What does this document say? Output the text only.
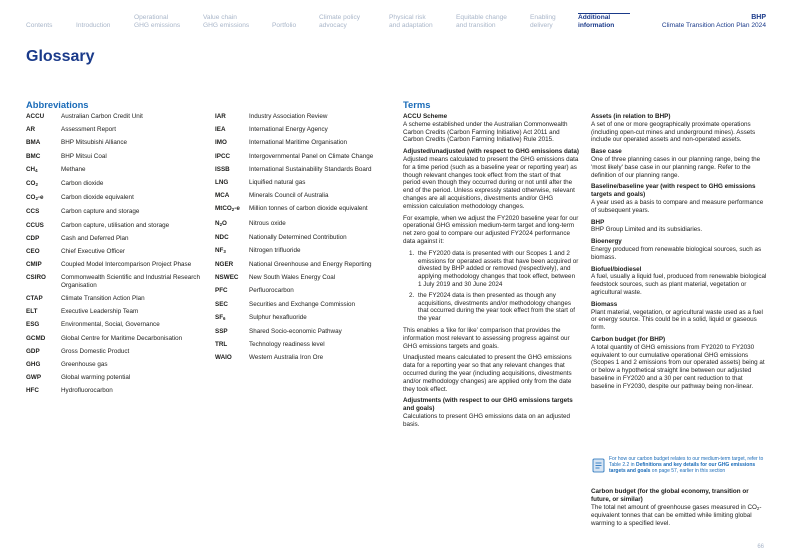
Contents	Introduction
Operational
GHG emissions
Value chain
GHG emissions	Portfolio
Climate policy
advocacy
Physical risk
and adaptation
Equitable change
and transition
Enabling
delivery
Additional
information
BHP
Climate Transition Action Plan 2024
Glossary
Abbreviations	Terms
ACCU	Australian Carbon Credit Unit
AR	Assessment Report
BMA	BHP Mitsubishi Alliance
BMC	BHP Mitsui Coal
$CH_4$	Methane
$CO_2$	Carbon dioxide
$CO_2-e$	Carbon dioxide equivalent
CCS	Carbon capture and storage
CCUS	Carbon capture, utilisation and storage
CDP	Cash and Deferred Plan
CEO	Chief Executive Officer
CMIP	Coupled Model Intercomparison Project Phase
CSIRO	Commonwealth Scientific and Industrial Research Organisation
CTAP	Climate Transition Action Plan
ELT	Executive Leadership Team
ESG	Environmental, Social, Governance
GCMD	Global Centre for Maritime Decarbonisation
GDP	Gross Domestic Product
GHG	Greenhouse gas
GWP	Global warming potential
HFC	Hydrofluorocarbon
IAR	Industry Association Review
IEA	International Energy Agency
IMO	International Maritime Organisation
IPCC	Intergovernmental Panel on Climate Change
ISSB	International Sustainability Standards Board
LNG	Liquified natural gas
MCA	Minerals Council of Australia
MtCO$_2$-e	Million tonnes of carbon dioxide equivalent
$N_2O$	Nitrous oxide
NDC	Nationally Determined Contribution
$NF_3$	Nitrogen trifluoride
NGER	National Greenhouse and Energy Reporting
NSWEC	New South Wales Energy Coal
PFC	Perfluorocarbon
SEC	Securities and Exchange Commission
$SF_6$	Sulphur hexafluoride
SSP	Shared Socio-economic Pathway
TRL	Technology readiness level
WAIO	Western Australia Iron Ore
ACCU Scheme
A scheme established under the Australian Commonwealth Carbon Credits (Carbon Farming Initiative) Act 2011 and Carbon Credits (Carbon Farming Initiative) Rule 2015.
Adjusted/unadjusted (with respect to GHG emissions data)
Adjusted means calculated to present the GHG emissions data for a time period (such as a baseline year or reporting year) as though relevant changes took effect from the start of that period even though they occurred during or not until after the end of the period. Unless expressly stated otherwise, relevant changes are all acquisitions, divestments and/or GHG emission calculation methodology changes.
For example, when we adjust the FY2020 baseline year for our operational GHG emission medium-term target and long-term net zero goal to compare our adjusted FY2024 performance data against it:
1. the FY2020 data is presented with our Scopes 1 and 2 emissions for operated assets that have been acquired or divested by BHP added or removed (respectively), and applying methodology changes that took effect, between 1 July 2019 and 30 June 2024
2. the FY2024 data is then presented as though any acquisitions, divestments and/or methodology changes that occurred during the year took effect from the start of the year
This enables a 'like for like' comparison that provides the information most relevant to assessing progress against our GHG emissions targets and goals.
Unadjusted means calculated to present the GHG emissions data for a reporting year so that any relevant changes that occurred during the year (including acquisitions, divestments and/or methodology changes) are applied only from the date they took effect.
Adjustments (with respect to our GHG emissions targets and goals)
Calculations to present GHG emissions data on an adjusted basis.
Assets (in relation to BHP)
A set of one or more geographically proximate operations (including open-cut mines and underground mines). Assets include our operated assets and non-operated assets.
Base case
One of three planning cases in our planning range, being the 'most likely' base case in our planning range. Refer to the definition of our planning range.
Baseline/baseline year (with respect to GHG emissions targets and goals)
A year used as a basis to compare and measure performance of subsequent years.
BHP
BHP Group Limited and its subsidiaries.
Bioenergy
Energy produced from renewable biological sources, such as biomass.
Biofuel/biodiesel
A fuel, usually a liquid fuel, produced from renewable biological feedstock sources, such as plant material, vegetation or agricultural waste.
Biomass
Plant material, vegetation, or agricultural waste used as a fuel or energy source. This could be in a solid, liquid or gaseous form.
Carbon budget (for BHP)
A total quantity of GHG emissions from FY2020 to FY2030 equivalent to our cumulative operational GHG emissions (Scopes 1 and 2 emissions from our operated assets) being at or below a hypothetical straight line between our adjusted baseline in FY2020 and a 30 per cent reduction to that baseline in FY2030, despite our pathway being non-linear.
For how our carbon budget relates to our medium-term target, refer to Table 2.2 in Definitions and key details for our GHG emissions targets and goals on page 57, earlier in this section
Carbon budget (for the global economy, transition or future, or similar)
The total net amount of greenhouse gases measured in $CO_2$-equivalent tonnes that can be emitted while limiting global warming to a specified level.
66
